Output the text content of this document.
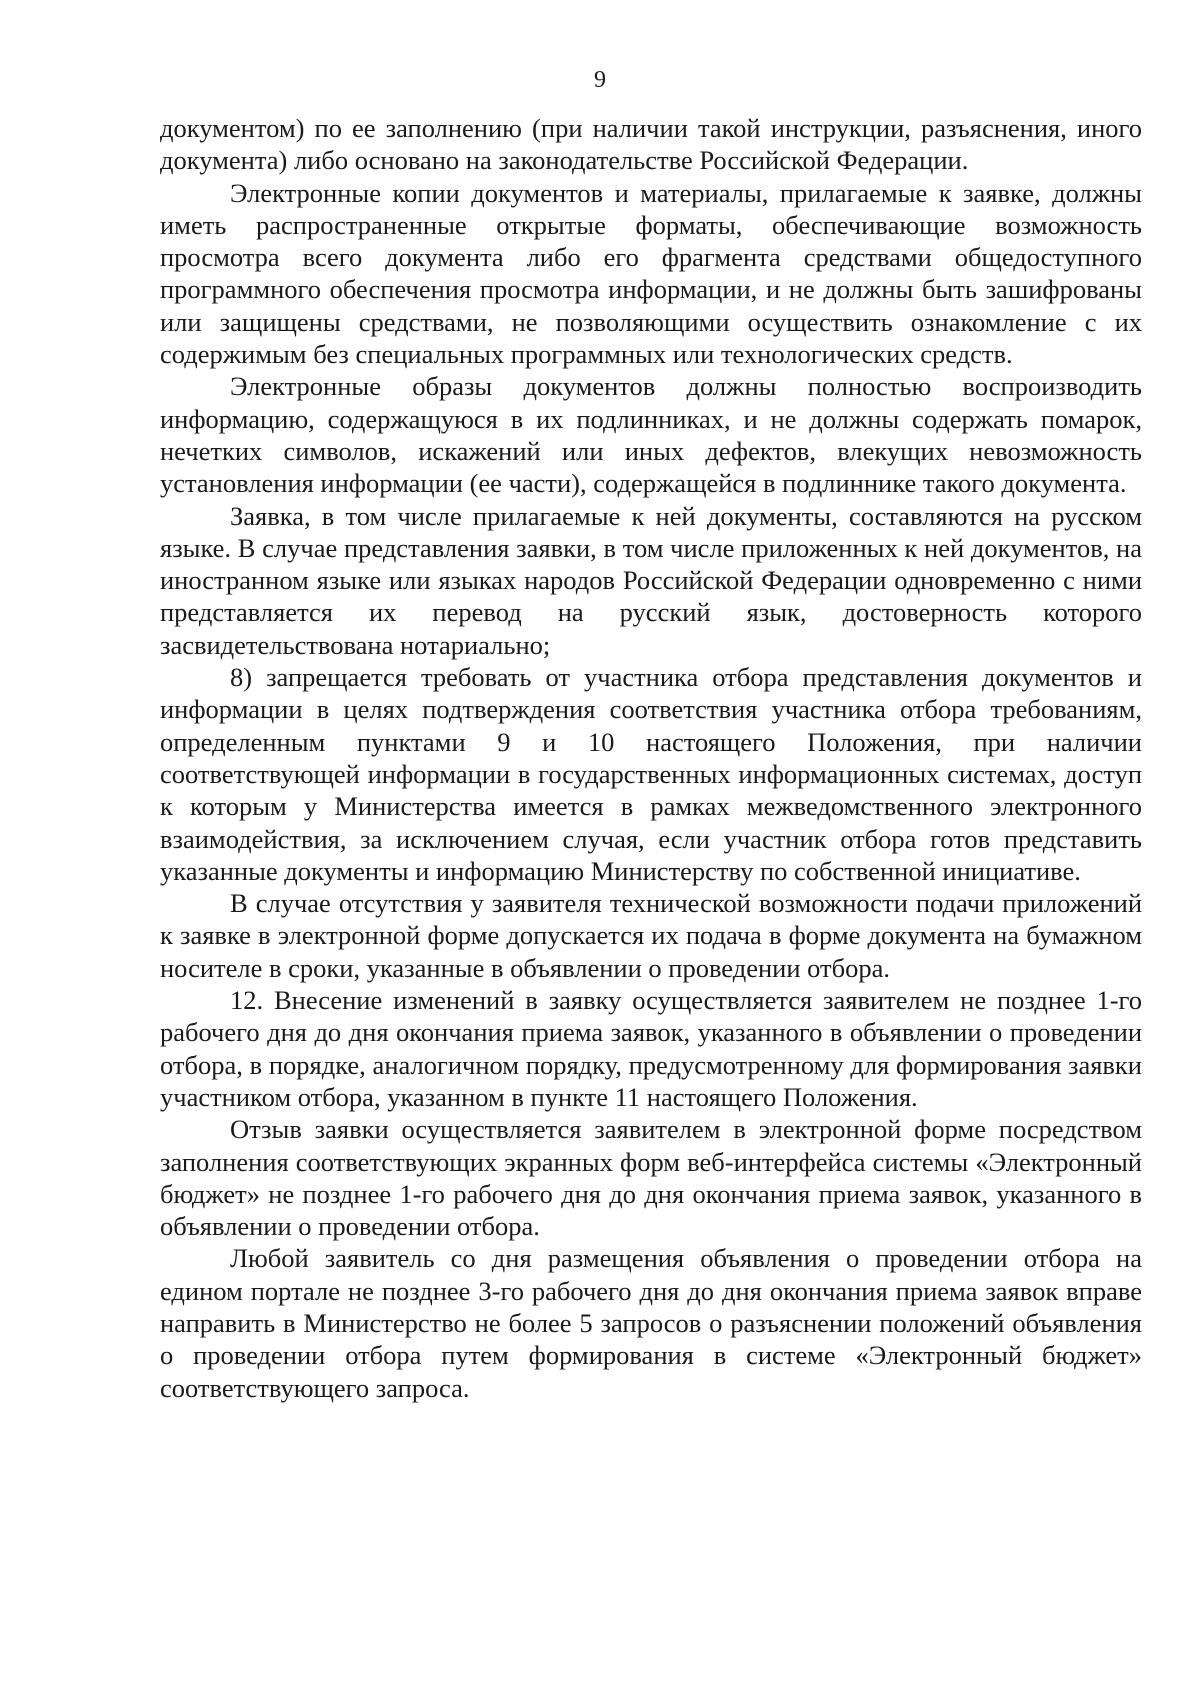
9

документом) по ее заполнению (при наличии такой инструкции, разъяснения, иного документа) либо основано на законодательстве Российской Федерации.

Электронные копии документов и материалы, прилагаемые к заявке, должны иметь распространенные открытые форматы, обеспечивающие возможность просмотра всего документа либо его фрагмента средствами общедоступного программного обеспечения просмотра информации, и не должны быть зашифрованы или защищены средствами, не позволяющими осуществить ознакомление с их содержимым без специальных программных или технологических средств.

Электронные образы документов должны полностью воспроизводить информацию, содержащуюся в их подлинниках, и не должны содержать помарок, нечетких символов, искажений или иных дефектов, влекущих невозможность установления информации (ее части), содержащейся в подлиннике такого документа.

Заявка, в том числе прилагаемые к ней документы, составляются на русском языке. В случае представления заявки, в том числе приложенных к ней документов, на иностранном языке или языках народов Российской Федерации одновременно с ними представляется их перевод на русский язык, достоверность которого засвидетельствована нотариально;

8) запрещается требовать от участника отбора представления документов и информации в целях подтверждения соответствия участника отбора требованиям, определенным пунктами 9 и 10 настоящего Положения, при наличии соответствующей информации в государственных информационных системах, доступ к которым у Министерства имеется в рамках межведомственного электронного взаимодействия, за исключением случая, если участник отбора готов представить указанные документы и информацию Министерству по собственной инициативе.

В случае отсутствия у заявителя технической возможности подачи приложений к заявке в электронной форме допускается их подача в форме документа на бумажном носителе в сроки, указанные в объявлении о проведении отбора.

12. Внесение изменений в заявку осуществляется заявителем не позднее 1-го рабочего дня до дня окончания приема заявок, указанного в объявлении о проведении отбора, в порядке, аналогичном порядку, предусмотренному для формирования заявки участником отбора, указанном в пункте 11 настоящего Положения.

Отзыв заявки осуществляется заявителем в электронной форме посредством заполнения соответствующих экранных форм веб-интерфейса системы «Электронный бюджет» не позднее 1-го рабочего дня до дня окончания приема заявок, указанного в объявлении о проведении отбора.

Любой заявитель со дня размещения объявления о проведении отбора на едином портале не позднее 3-го рабочего дня до дня окончания приема заявок вправе направить в Министерство не более 5 запросов о разъяснении положений объявления о проведении отбора путем формирования в системе «Электронный бюджет» соответствующего запроса.
